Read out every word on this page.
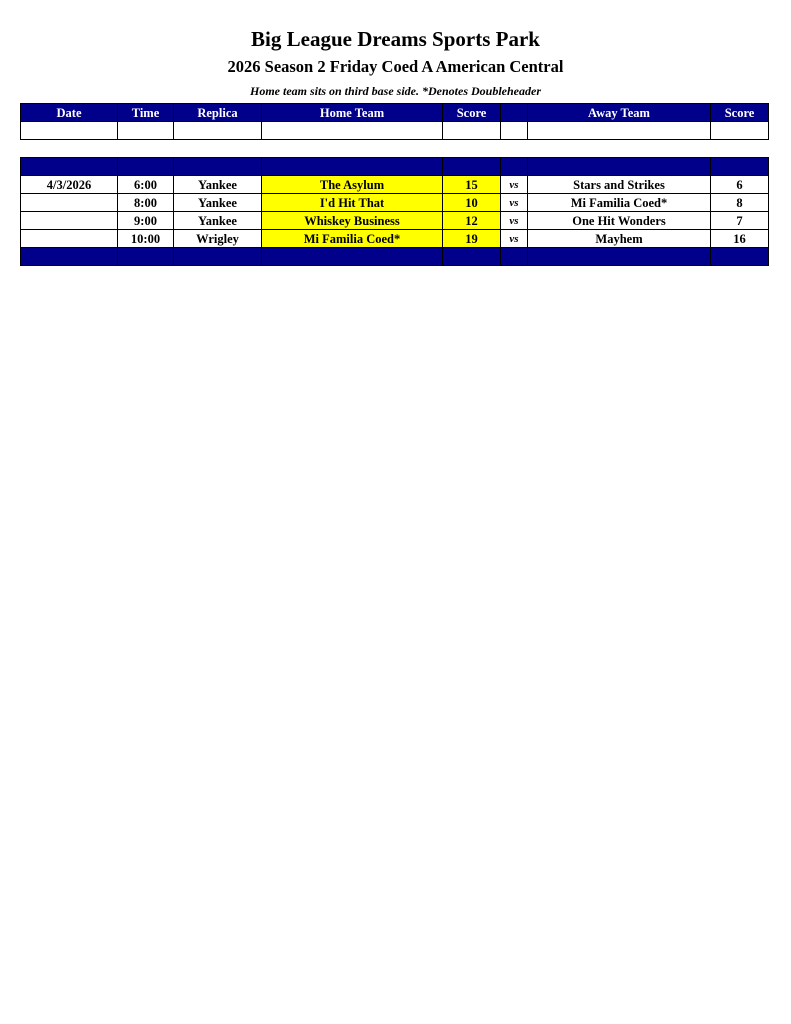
Big League Dreams Sports Park
2026 Season 2 Friday Coed A American Central
Home team sits on third base side. *Denotes Doubleheader
Date	Time	Replica	Home Team	Score		Away Team	Score

4/3/2026	6:00	Yankee	The Asylum	15	vs	Stars and Strikes	6
	8:00	Yankee	I'd Hit That	10	vs	Mi Familia Coed*	8
	9:00	Yankee	Whiskey Business	12	vs	One Hit Wonders	7
	10:00	Wrigley	Mi Familia Coed*	19	vs	Mayhem	16
